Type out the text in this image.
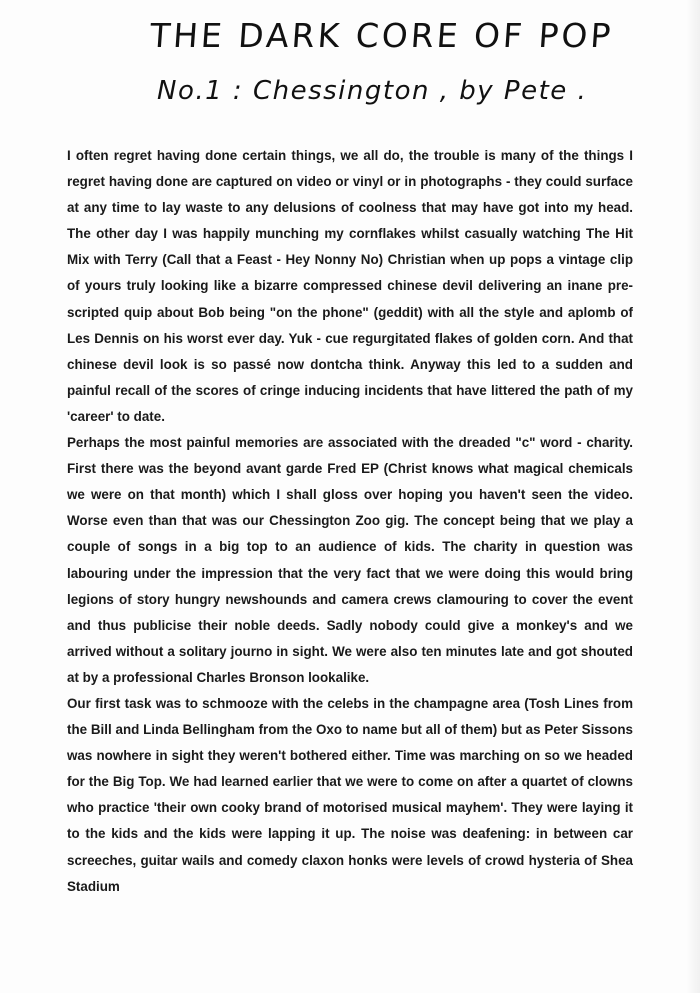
THE DARK CORE OF POP
No.1 : Chessington , by Pete .

I often regret having done certain things, we all do, the trouble is many of the things I regret having done are captured on video or vinyl or in photographs - they could surface at any time to lay waste to any delusions of coolness that may have got into my head. The other day I was happily munching my cornflakes whilst casually watching The Hit Mix with Terry (Call that a Feast - Hey Nonny No) Christian when up pops a vintage clip of yours truly looking like a bizarre compressed chinese devil delivering an inane pre-scripted quip about Bob being "on the phone" (geddit) with all the style and aplomb of Les Dennis on his worst ever day. Yuk - cue regurgitated flakes of golden corn. And that chinese devil look is so passé now dontcha think. Anyway this led to a sudden and painful recall of the scores of cringe inducing incidents that have littered the path of my 'career' to date.

Perhaps the most painful memories are associated with the dreaded "c" word - charity. First there was the beyond avant garde Fred EP (Christ knows what magical chemicals we were on that month) which I shall gloss over hoping you haven't seen the video. Worse even than that was our Chessington Zoo gig. The concept being that we play a couple of songs in a big top to an audience of kids. The charity in question was labouring under the impression that the very fact that we were doing this would bring legions of story hungry newshounds and camera crews clamouring to cover the event and thus publicise their noble deeds. Sadly nobody could give a monkey's and we arrived without a solitary journo in sight. We were also ten minutes late and got shouted at by a professional Charles Bronson lookalike.

Our first task was to schmooze with the celebs in the champagne area (Tosh Lines from the Bill and Linda Bellingham from the Oxo to name but all of them) but as Peter Sissons was nowhere in sight they weren't bothered either. Time was marching on so we headed for the Big Top. We had learned earlier that we were to come on after a quartet of clowns who practice 'their own cooky brand of motorised musical mayhem'. They were laying it to the kids and the kids were lapping it up. The noise was deafening: in between car screeches, guitar wails and comedy claxon honks were levels of crowd hysteria of Shea Stadium
